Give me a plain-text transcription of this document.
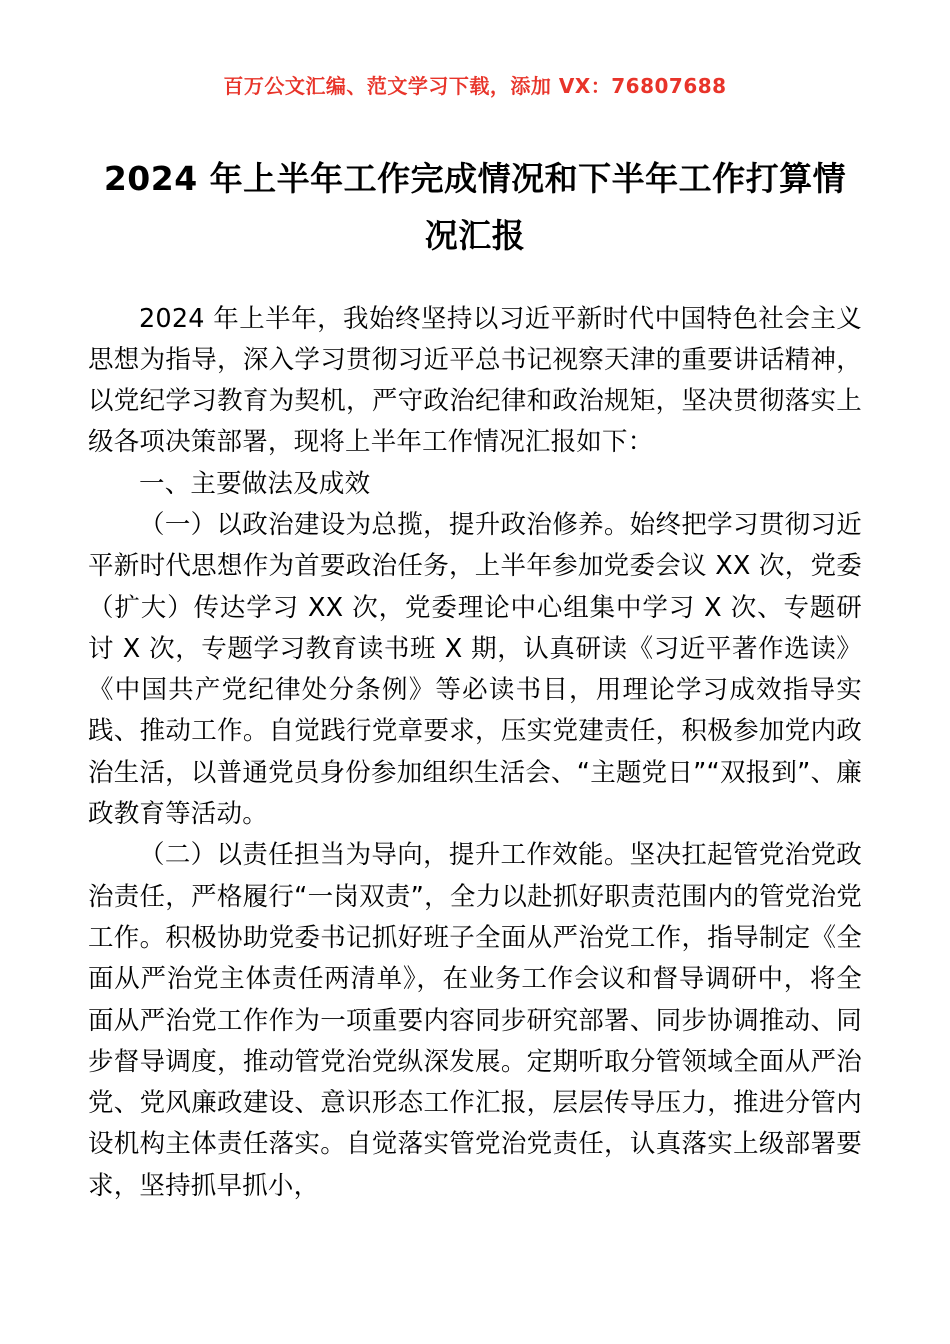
百万公文汇编、范文学习下载，添加 VX：76807688
2024 年上半年工作完成情况和下半年工作打算情况汇报

2024 年上半年，我始终坚持以习近平新时代中国特色社会主义思想为指导，深入学习贯彻习近平总书记视察天津的重要讲话精神，以党纪学习教育为契机，严守政治纪律和政治规矩，坚决贯彻落实上级各项决策部署，现将上半年工作情况汇报如下：

一、主要做法及成效

（一）以政治建设为总揽，提升政治修养。始终把学习贯彻习近平新时代思想作为首要政治任务，上半年参加党委会议 XX 次，党委（扩大）传达学习 XX 次，党委理论中心组集中学习 X 次、专题研讨 X 次，专题学习教育读书班 X 期，认真研读《习近平著作选读》《中国共产党纪律处分条例》等必读书目，用理论学习成效指导实践、推动工作。自觉践行党章要求，压实党建责任，积极参加党内政治生活，以普通党员身份参加组织生活会、“主题党日”“双报到”、廉政教育等活动。

（二）以责任担当为导向，提升工作效能。坚决扛起管党治党政治责任，严格履行“一岗双责”，全力以赴抓好职责范围内的管党治党工作。积极协助党委书记抓好班子全面从严治党工作，指导制定《全面从严治党主体责任两清单》，在业务工作会议和督导调研中，将全面从严治党工作作为一项重要内容同步研究部署、同步协调推动、同步督导调度，推动管党治党纵深发展。定期听取分管领域全面从严治党、党风廉政建设、意识形态工作汇报，层层传导压力，推进分管内设机构主体责任落实。自觉落实管党治党责任，认真落实上级部署要求，坚持抓早抓小，
